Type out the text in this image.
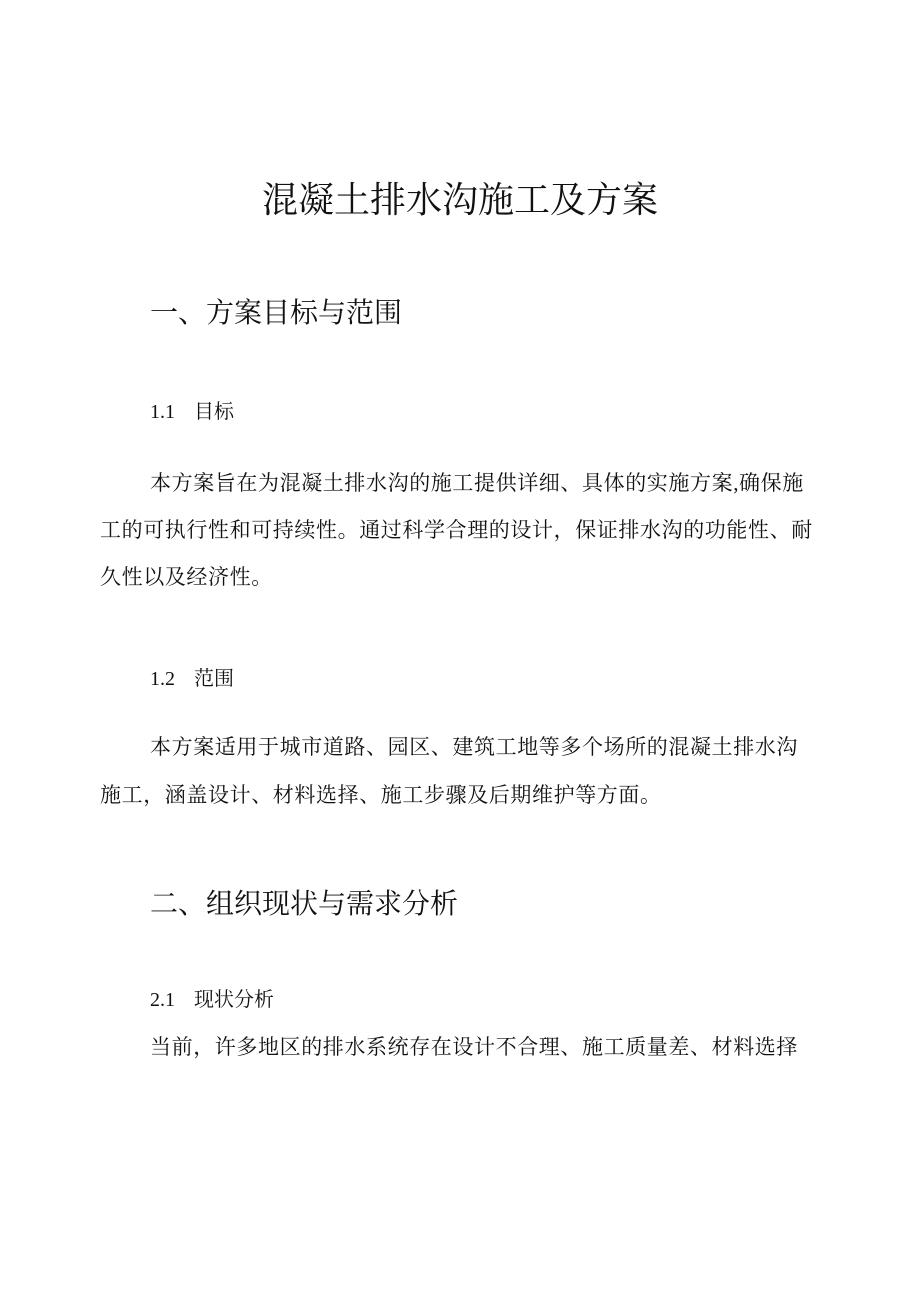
混凝土排水沟施工及方案
一、方案目标与范围
1.1 目标

本方案旨在为混凝土排水沟的施工提供详细、具体的实施方案,确保施

工的可执行性和可持续性。通过科学合理的设计，保证排水沟的功能性、耐

久性以及经济性。

1.2 范围

本方案适用于城市道路、园区、建筑工地等多个场所的混凝土排水沟

施工，涵盖设计、材料选择、施工步骤及后期维护等方面。

二、组织现状与需求分析
2.1 现状分析

当前，许多地区的排水系统存在设计不合理、施工质量差、材料选择
